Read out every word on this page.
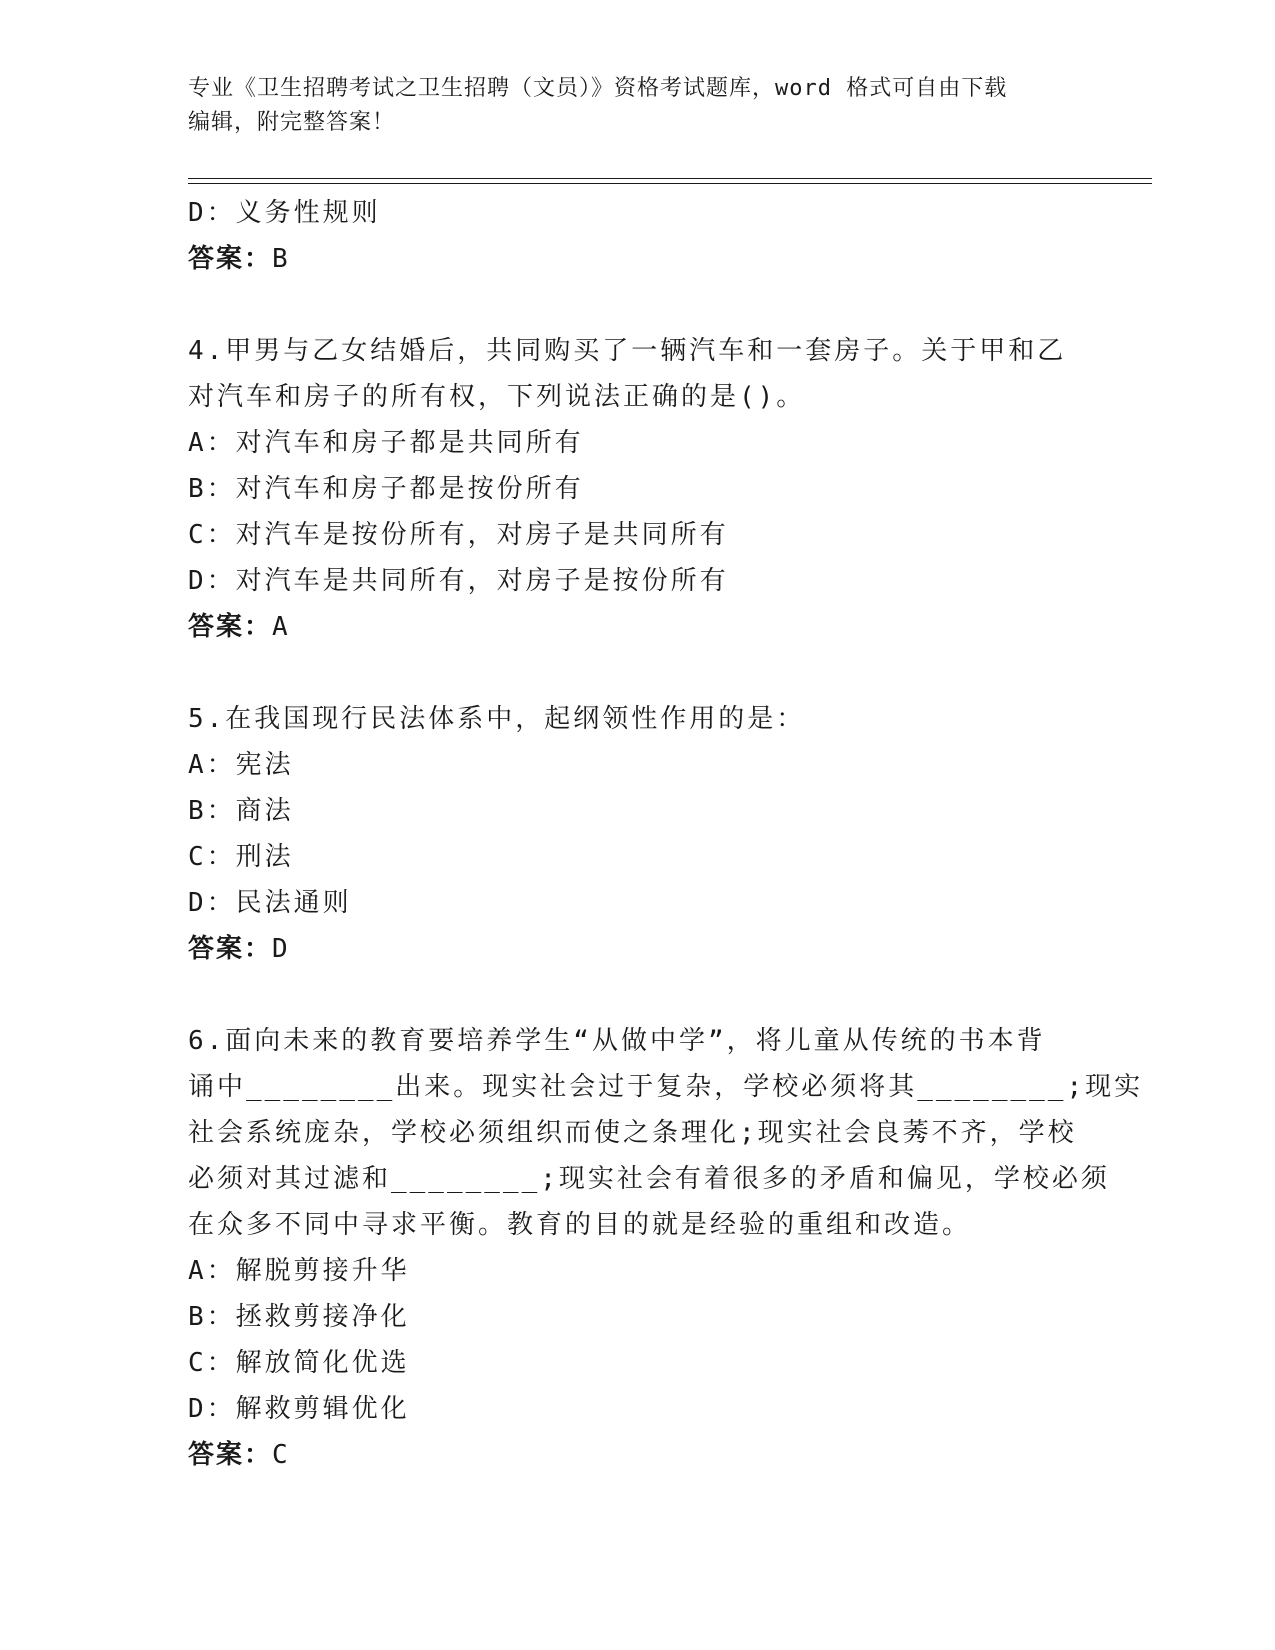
专业《卫生招聘考试之卫生招聘（文员）》资格考试题库，word 格式可自由下载
编辑，附完整答案！
D：义务性规则
答案：B
4.甲男与乙女结婚后，共同购买了一辆汽车和一套房子。关于甲和乙
对汽车和房子的所有权，下列说法正确的是()。
A：对汽车和房子都是共同所有
B：对汽车和房子都是按份所有
C：对汽车是按份所有，对房子是共同所有
D：对汽车是共同所有，对房子是按份所有
答案：A
5.在我国现行民法体系中，起纲领性作用的是：
A：宪法
B：商法
C：刑法
D：民法通则
答案：D
6.面向未来的教育要培养学生“从做中学”，将儿童从传统的书本背
诵中________出来。现实社会过于复杂，学校必须将其________;现实
社会系统庞杂，学校必须组织而使之条理化;现实社会良莠不齐，学校
必须对其过滤和________;现实社会有着很多的矛盾和偏见，学校必须
在众多不同中寻求平衡。教育的目的就是经验的重组和改造。
A：解脱剪接升华
B：拯救剪接净化
C：解放简化优选
D：解救剪辑优化
答案：C
